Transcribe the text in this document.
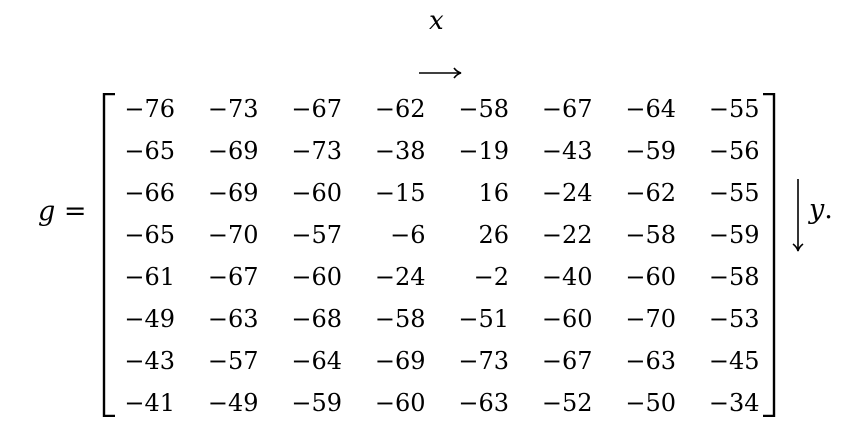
g =
x
−76	−73	−67	−62	−58	−67	−64	−55
−65	−69	−73	−38	−19	−43	−59	−56
−66	−69	−60	−15	16	−24	−62	−55
−65	−70	−57	−6	26	−22	−58	−59
−61	−67	−60	−24	−2	−40	−60	−58
−49	−63	−68	−58	−51	−60	−70	−53
−43	−57	−64	−69	−73	−67	−63	−45
−41	−49	−59	−60	−63	−52	−50	−34
y.
